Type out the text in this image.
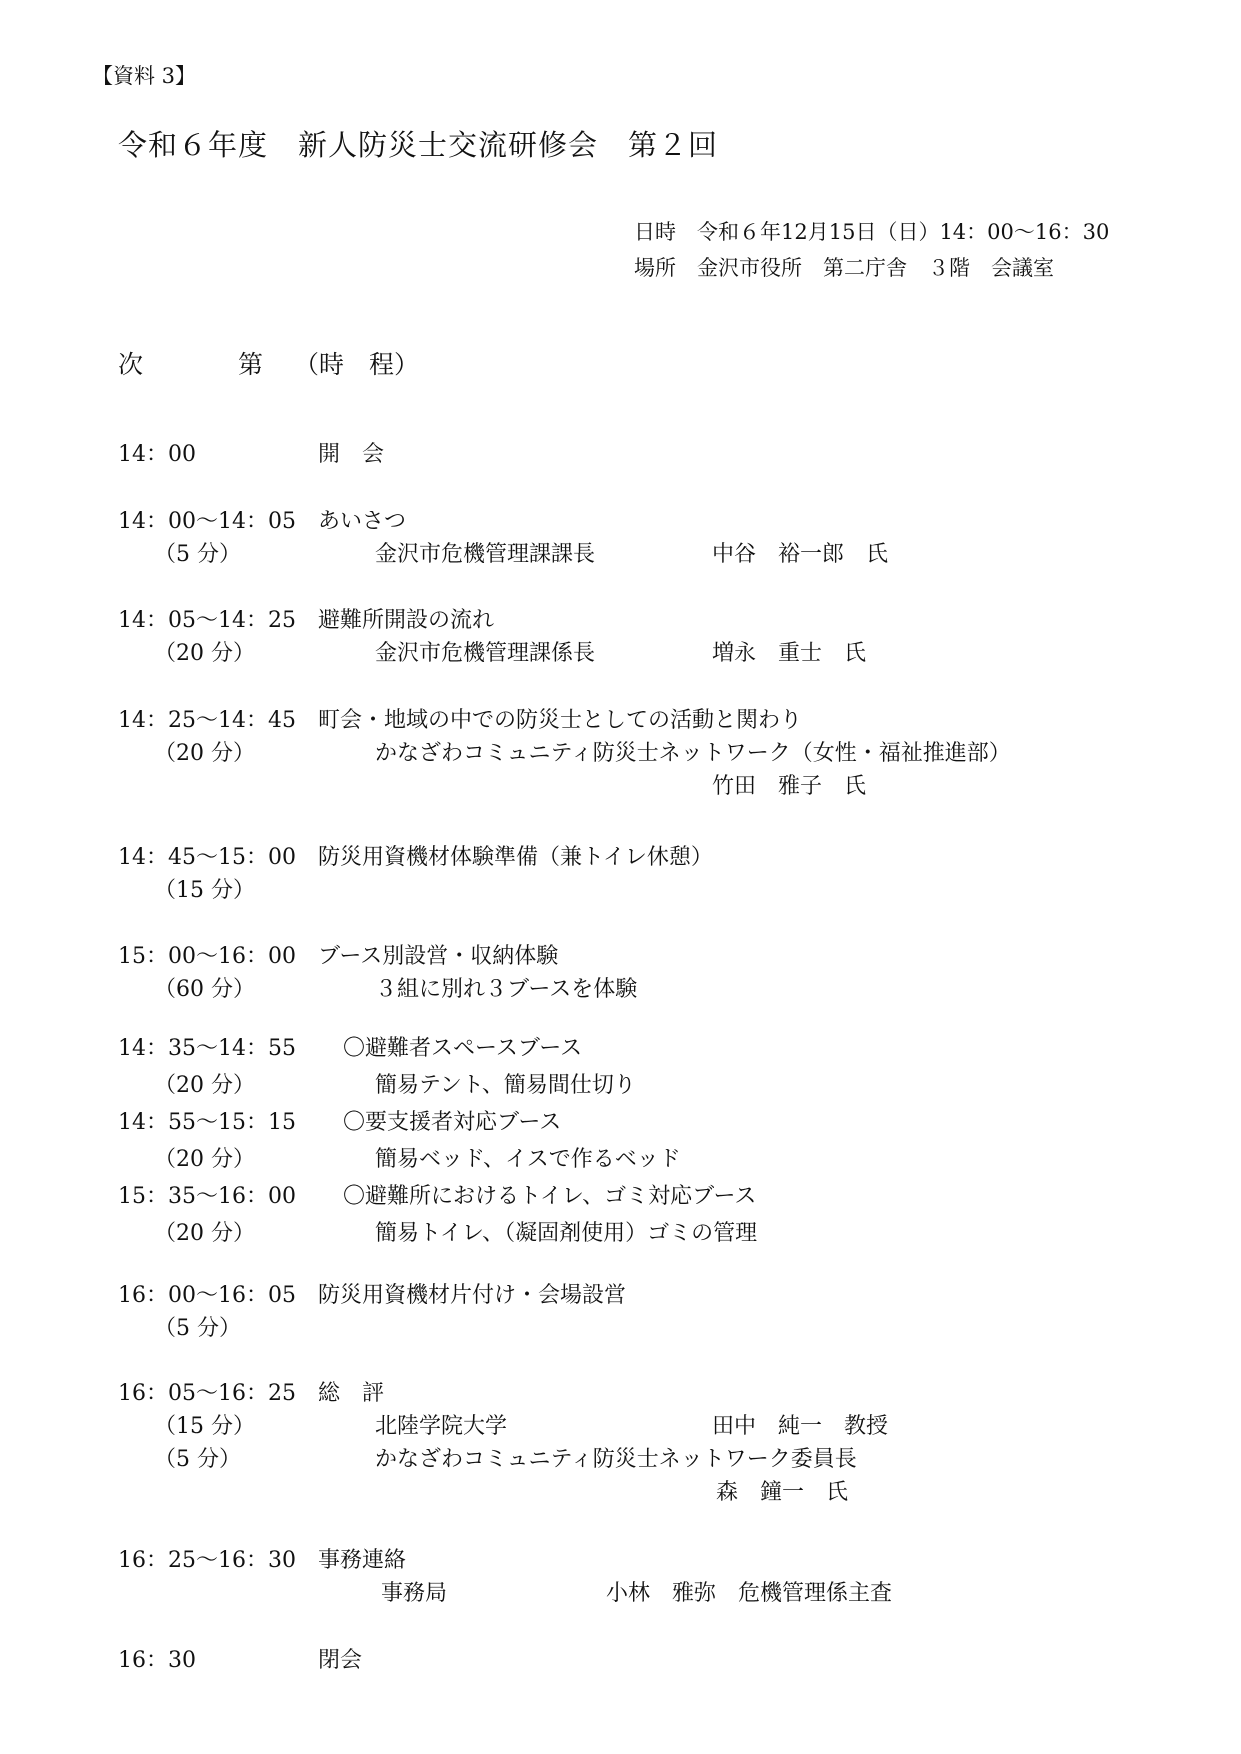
【資料 3】
令和６年度　新人防災士交流研修会　第２回
日時　令和６年12月15日（日）14：00～16：30
場所　金沢市役所　第二庁舎　３階　会議室
次	第 （時　程）
14：00	開　会
14：00～14：05 あいさつ
（5 分）	金沢市危機管理課課長	中谷　裕一郎　氏
14：05～14：25 避難所開設の流れ
（20 分）	金沢市危機管理課係長	増永　重士　氏
14：25～14：45 町会・地域の中での防災士としての活動と関わり
（20 分）	かなざわコミュニティ防災士ネットワーク（女性・福祉推進部）
竹田　雅子　氏
14：45～15：00 防災用資機材体験準備（兼トイレ休憩）
（15 分）
15：00～16：00 ブース別設営・収納体験
（60 分）	３組に別れ３ブースを体験
14：35～14：55 〇避難者スペースブース
（20 分）	簡易テント、簡易間仕切り
14：55～15：15 〇要支援者対応ブース
（20 分）	簡易ベッド、イスで作るベッド
15：35～16：00 〇避難所におけるトイレ、ゴミ対応ブース
（20 分）	簡易トイレ、（凝固剤使用）ゴミの管理
16：00～16：05 防災用資機材片付け・会場設営
（5 分）
16：05～16：25 総　評
（15 分）	北陸学院大学	田中　純一　教授
（5 分）	かなざわコミュニティ防災士ネットワーク委員長
森　鐘一　氏
16：25～16：30 事務連絡
事務局	小林　雅弥　危機管理係主査
16：30	閉会
